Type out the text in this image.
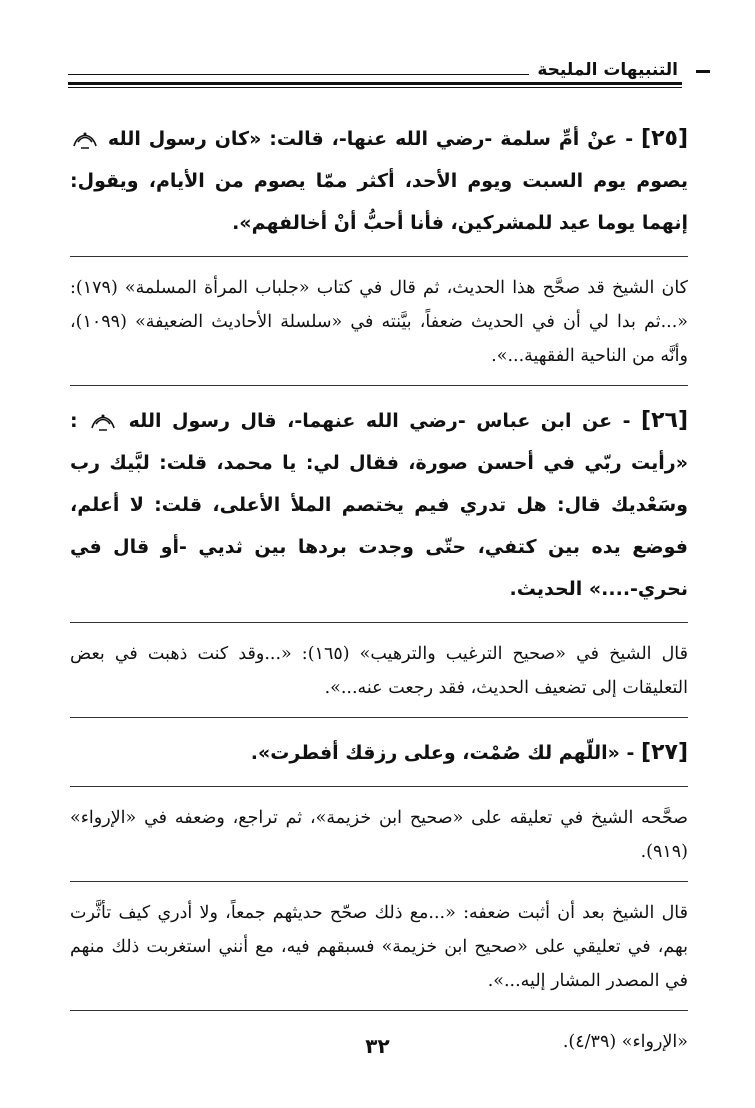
التنبيهات المليحة

[٢٥] - عنْ أمِّ سلمة -رضي الله عنها-، قالت: «كان رسول الله  يصوم يوم السبت ويوم الأحد، أكثر ممّا يصوم من الأيام، ويقول: إنهما يوما عيد للمشركين، فأنا أحبُّ أنْ أخالفهم».

كان الشيخ قد صحَّح هذا الحديث، ثم قال في كتاب «جلباب المرأة المسلمة» (١٧٩): «...ثم بدا لي أن في الحديث ضعفاً، بيَّنته في «سلسلة الأحاديث الضعيفة» (١٠٩٩)، وأنَّه من الناحية الفقهية...».

[٢٦] - عن ابن عباس -رضي الله عنهما-، قال رسول الله  : «رأيت ربّي في أحسن صورة، فقال لي: يا محمد، قلت: لبَّيك رب وسَعْديك قال: هل تدري فيم يختصم الملأ الأعلى، قلت: لا أعلم، فوضع يده بين كتفي، حتّى وجدت بردها بين ثديي -أو قال في نحري-....» الحديث.

قال الشيخ في «صحيح الترغيب والترهيب» (١٦٥): «...وقد كنت ذهبت في بعض التعليقات إلى تضعيف الحديث، فقد رجعت عنه...».

[٢٧] - «اللّهم لك صُمْت، وعلى رزقك أفطرت».

صحَّحه الشيخ في تعليقه على «صحيح ابن خزيمة»، ثم تراجع، وضعفه في «الإرواء» (٩١٩).

قال الشيخ بعد أن أثبت ضعفه: «...مع ذلك صحّح حديثهم جمعاً، ولا أدري كيف تأثَّرت بهم، في تعليقي على «صحيح ابن خزيمة» فسبقهم فيه، مع أنني استغربت ذلك منهم في المصدر المشار إليه...».

«الإرواء» (٤/٣٩).

٣٢
